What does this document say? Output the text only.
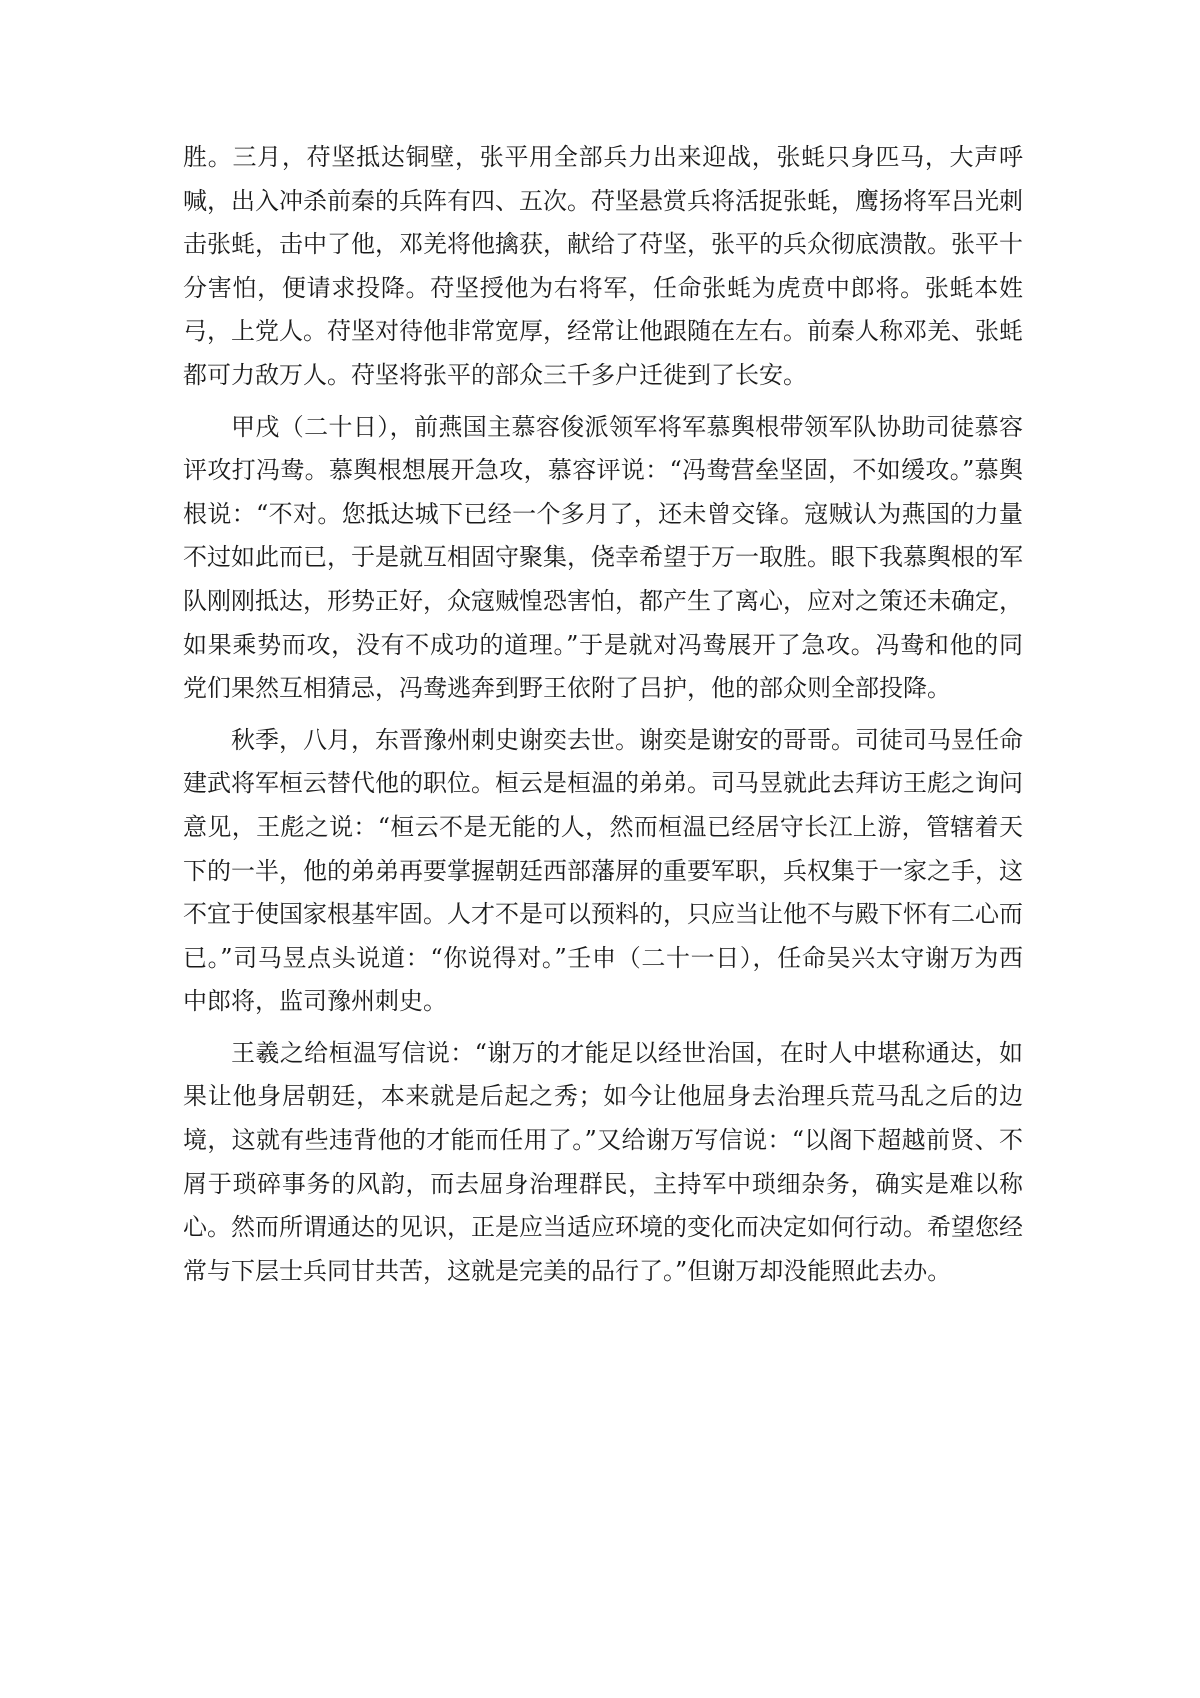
胜。三月，苻坚抵达铜壁，张平用全部兵力出来迎战，张蚝只身匹马，大声呼喊，出入冲杀前秦的兵阵有四、五次。苻坚悬赏兵将活捉张蚝，鹰扬将军吕光刺击张蚝，击中了他，邓羌将他擒获，献给了苻坚，张平的兵众彻底溃散。张平十分害怕，便请求投降。苻坚授他为右将军，任命张蚝为虎贲中郎将。张蚝本姓弓，上党人。苻坚对待他非常宽厚，经常让他跟随在左右。前秦人称邓羌、张蚝都可力敌万人。苻坚将张平的部众三千多户迁徙到了长安。

甲戌（二十日），前燕国主慕容俊派领军将军慕舆根带领军队协助司徒慕容评攻打冯鸯。慕舆根想展开急攻，慕容评说：“冯鸯营垒坚固，不如缓攻。”慕舆根说：“不对。您抵达城下已经一个多月了，还未曾交锋。寇贼认为燕国的力量不过如此而已，于是就互相固守聚集，侥幸希望于万一取胜。眼下我慕舆根的军队刚刚抵达，形势正好，众寇贼惶恐害怕，都产生了离心，应对之策还未确定，如果乘势而攻，没有不成功的道理。”于是就对冯鸯展开了急攻。冯鸯和他的同党们果然互相猜忌，冯鸯逃奔到野王依附了吕护，他的部众则全部投降。

秋季，八月，东晋豫州刺史谢奕去世。谢奕是谢安的哥哥。司徒司马昱任命建武将军桓云替代他的职位。桓云是桓温的弟弟。司马昱就此去拜访王彪之询问意见，王彪之说：“桓云不是无能的人，然而桓温已经居守长江上游，管辖着天下的一半，他的弟弟再要掌握朝廷西部藩屏的重要军职，兵权集于一家之手，这不宜于使国家根基牢固。人才不是可以预料的，只应当让他不与殿下怀有二心而已。”司马昱点头说道：“你说得对。”壬申（二十一日），任命吴兴太守谢万为西中郎将，监司豫州刺史。

王羲之给桓温写信说：“谢万的才能足以经世治国，在时人中堪称通达，如果让他身居朝廷，本来就是后起之秀；如今让他屈身去治理兵荒马乱之后的边境，这就有些违背他的才能而任用了。”又给谢万写信说：“以阁下超越前贤、不屑于琐碎事务的风韵，而去屈身治理群民，主持军中琐细杂务，确实是难以称心。然而所谓通达的见识，正是应当适应环境的变化而决定如何行动。希望您经常与下层士兵同甘共苦，这就是完美的品行了。”但谢万却没能照此去办。
